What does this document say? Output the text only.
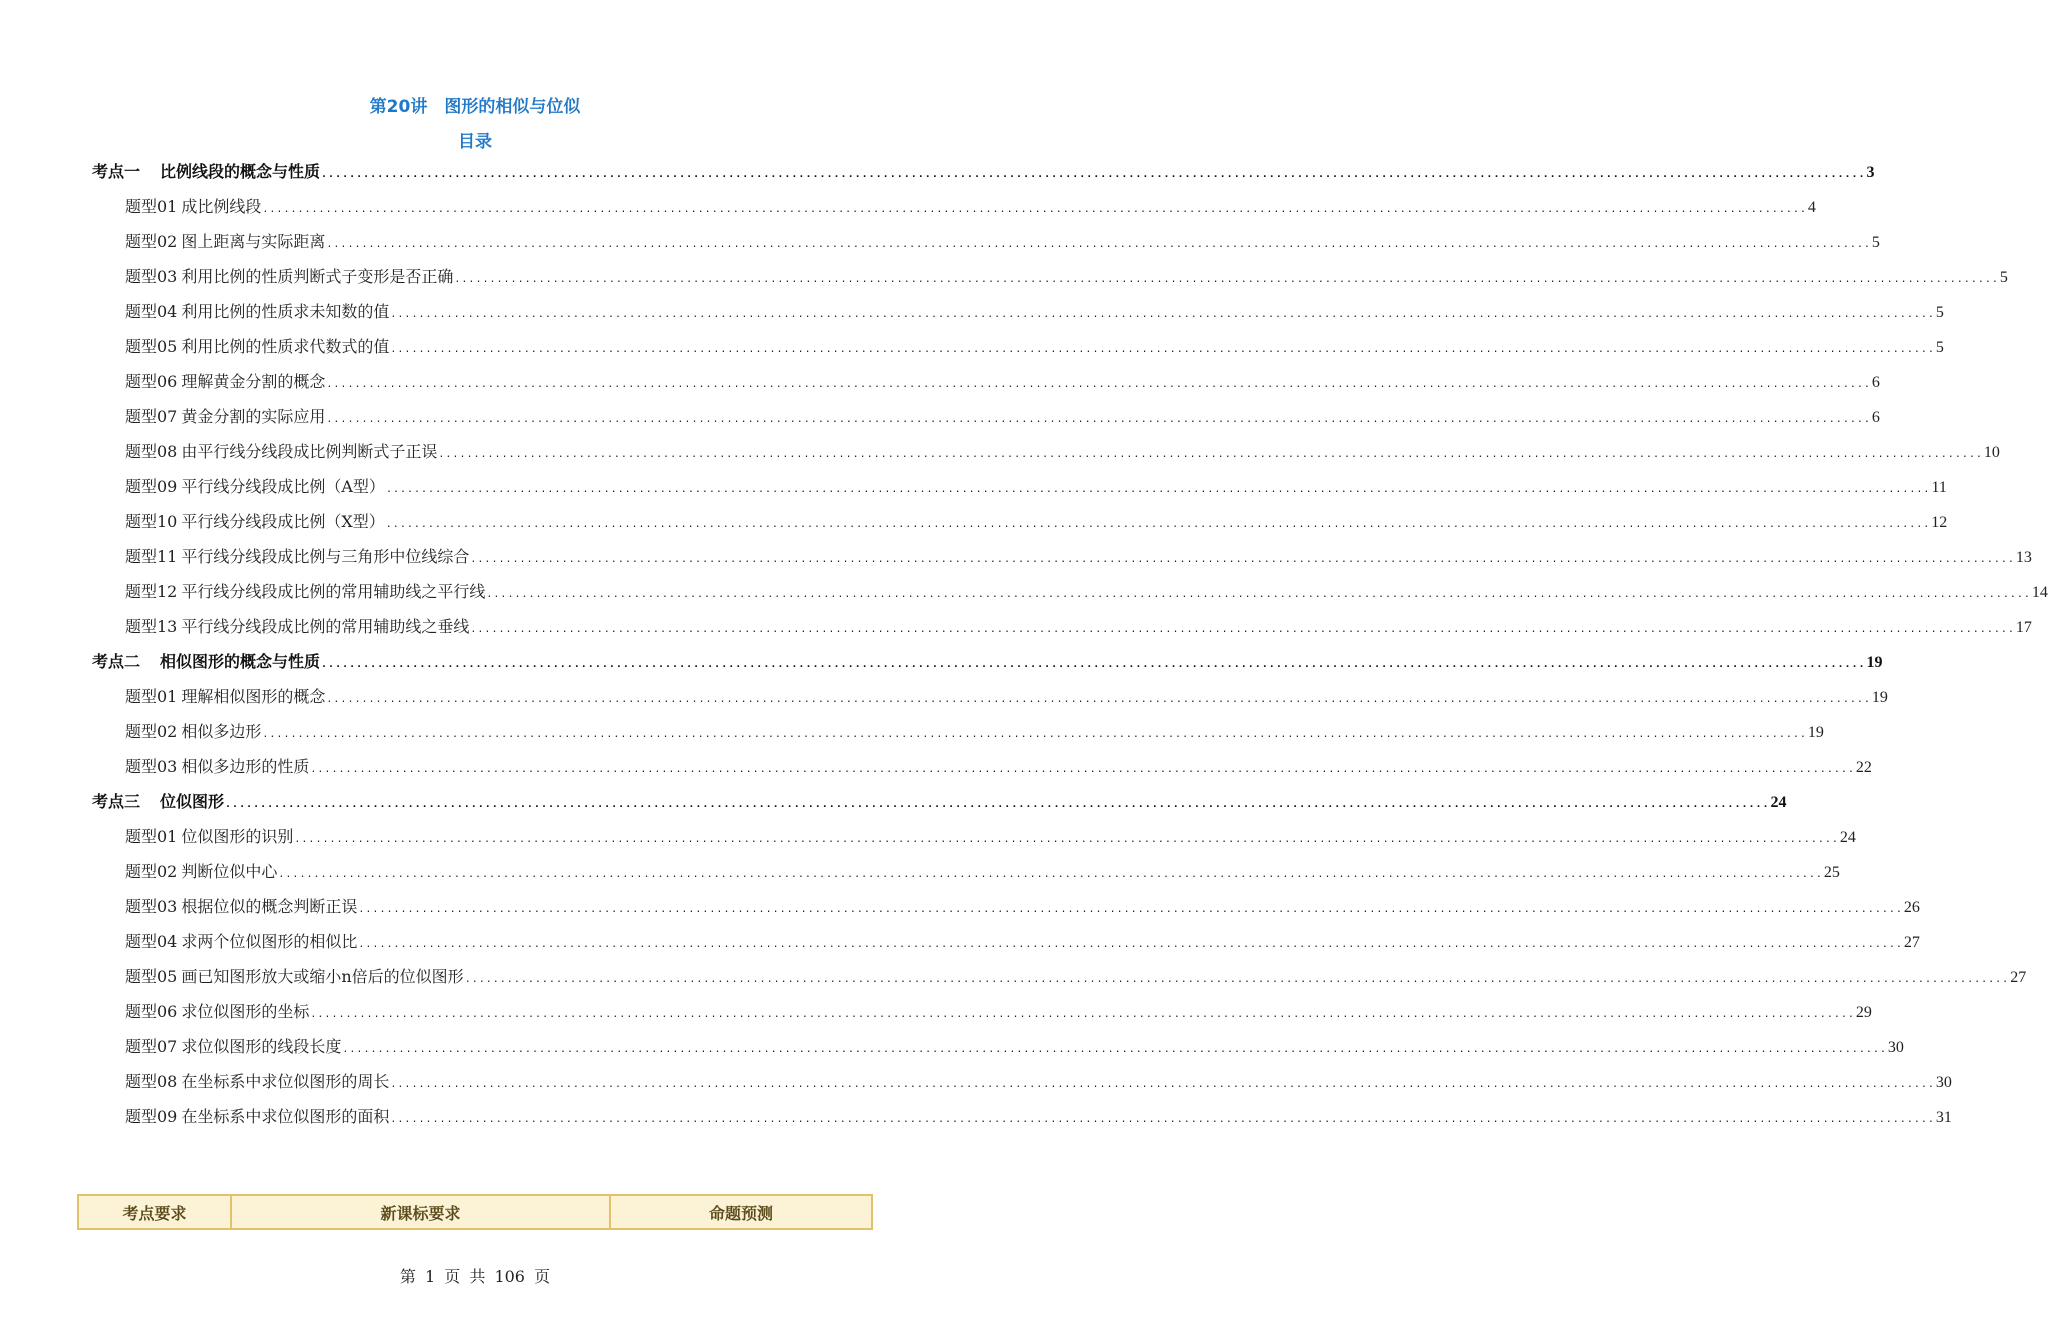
第20讲　图形的相似与位似
目录
考点一 比例线段的概念与性质 ............................................................................................................................................................................................................................ 3
题型01 成比例线段 ............................................................................................................................................................................................................................ 4
题型02 图上距离与实际距离 ............................................................................................................................................................................................................................ 5
题型03 利用比例的性质判断式子变形是否正确 ............................................................................................................................................................................................................................ 5
题型04 利用比例的性质求未知数的值 ............................................................................................................................................................................................................................ 5
题型05 利用比例的性质求代数式的值 ............................................................................................................................................................................................................................ 5
题型06 理解黄金分割的概念 ............................................................................................................................................................................................................................ 6
题型07 黄金分割的实际应用 ............................................................................................................................................................................................................................ 6
题型08 由平行线分线段成比例判断式子正误 ............................................................................................................................................................................................................................ 10
题型09 平行线分线段成比例（A型） ............................................................................................................................................................................................................................ 11
题型10 平行线分线段成比例（X型） ............................................................................................................................................................................................................................ 12
题型11 平行线分线段成比例与三角形中位线综合 ............................................................................................................................................................................................................................ 13
题型12 平行线分线段成比例的常用辅助线之平行线 ............................................................................................................................................................................................................................ 14
题型13 平行线分线段成比例的常用辅助线之垂线 ............................................................................................................................................................................................................................ 17
考点二 相似图形的概念与性质 ............................................................................................................................................................................................................................ 19
题型01 理解相似图形的概念 ............................................................................................................................................................................................................................ 19
题型02 相似多边形 ............................................................................................................................................................................................................................ 19
题型03 相似多边形的性质 ............................................................................................................................................................................................................................ 22
考点三 位似图形 ............................................................................................................................................................................................................................ 24
题型01 位似图形的识别 ............................................................................................................................................................................................................................ 24
题型02 判断位似中心 ............................................................................................................................................................................................................................ 25
题型03 根据位似的概念判断正误 ............................................................................................................................................................................................................................ 26
题型04 求两个位似图形的相似比 ............................................................................................................................................................................................................................ 27
题型05 画已知图形放大或缩小n倍后的位似图形 ............................................................................................................................................................................................................................ 27
题型06 求位似图形的坐标 ............................................................................................................................................................................................................................ 29
题型07 求位似图形的线段长度 ............................................................................................................................................................................................................................ 30
题型08 在坐标系中求位似图形的周长 ............................................................................................................................................................................................................................ 30
题型09 在坐标系中求位似图形的面积 ............................................................................................................................................................................................................................ 31
考点要求	新课标要求	命题预测
第 1 页 共 106 页
